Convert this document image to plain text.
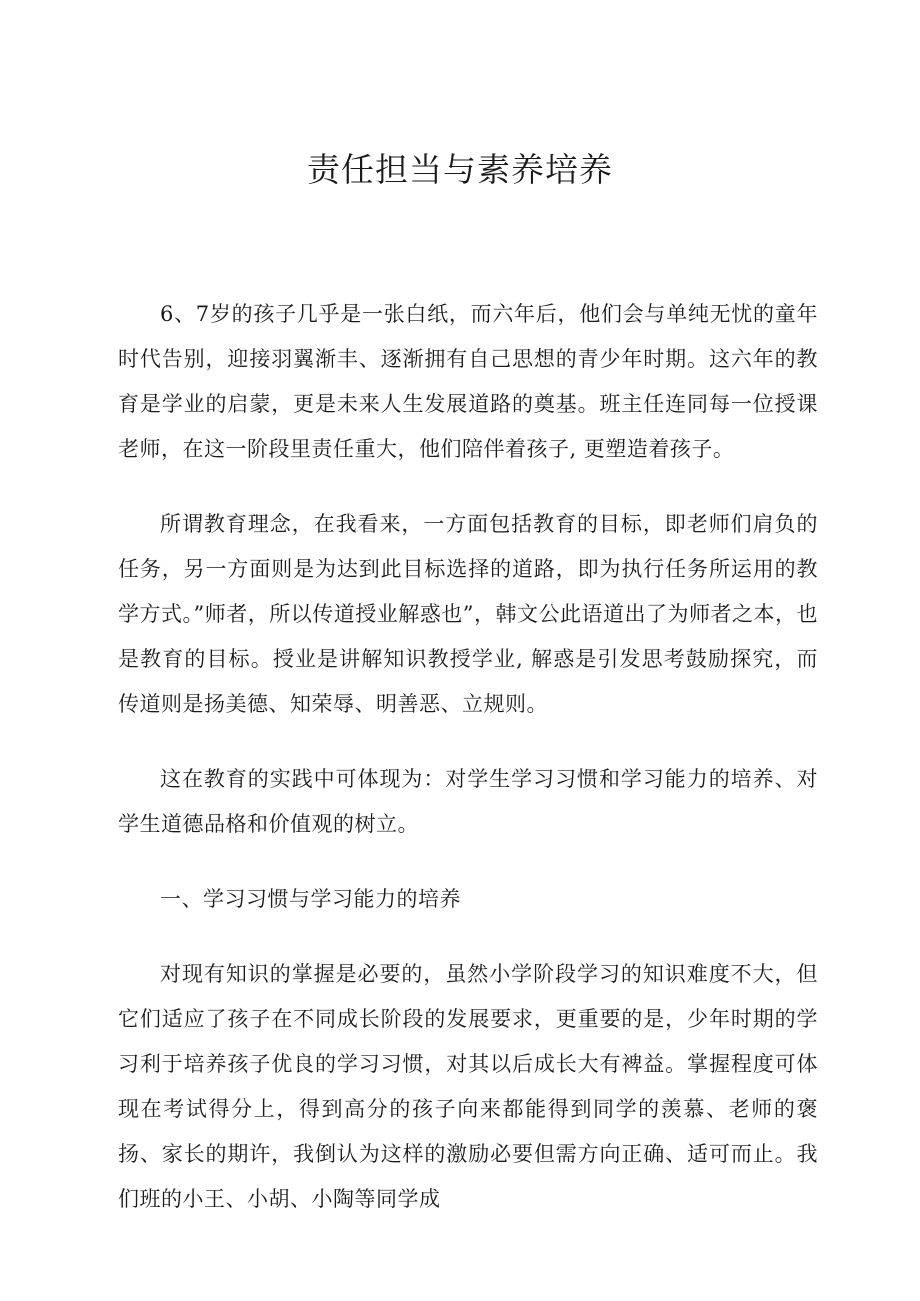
责任担当与素养培养

6、7岁的孩子几乎是一张白纸，而六年后，他们会与单纯无忧的童年时代告别，迎接羽翼渐丰、逐渐拥有自己思想的青少年时期。这六年的教育是学业的启蒙，更是未来人生发展道路的奠基。班主任连同每一位授课老师，在这一阶段里责任重大，他们陪伴着孩子, 更塑造着孩子。

所谓教育理念，在我看来，一方面包括教育的目标，即老师们肩负的任务，另一方面则是为达到此目标选择的道路，即为执行任务所运用的教学方式。”师者，所以传道授业解惑也”，韩文公此语道出了为师者之本，也是教育的目标。授业是讲解知识教授学业, 解惑是引发思考鼓励探究，而传道则是扬美德、知荣辱、明善恶、立规则。

这在教育的实践中可体现为：对学生学习习惯和学习能力的培养、对学生道德品格和价值观的树立。

一、学习习惯与学习能力的培养

对现有知识的掌握是必要的，虽然小学阶段学习的知识难度不大，但它们适应了孩子在不同成长阶段的发展要求，更重要的是，少年时期的学习利于培养孩子优良的学习习惯，对其以后成长大有裨益。掌握程度可体现在考试得分上，得到高分的孩子向来都能得到同学的羡慕、老师的褒扬、家长的期许，我倒认为这样的激励必要但需方向正确、适可而止。我们班的小王、小胡、小陶等同学成
